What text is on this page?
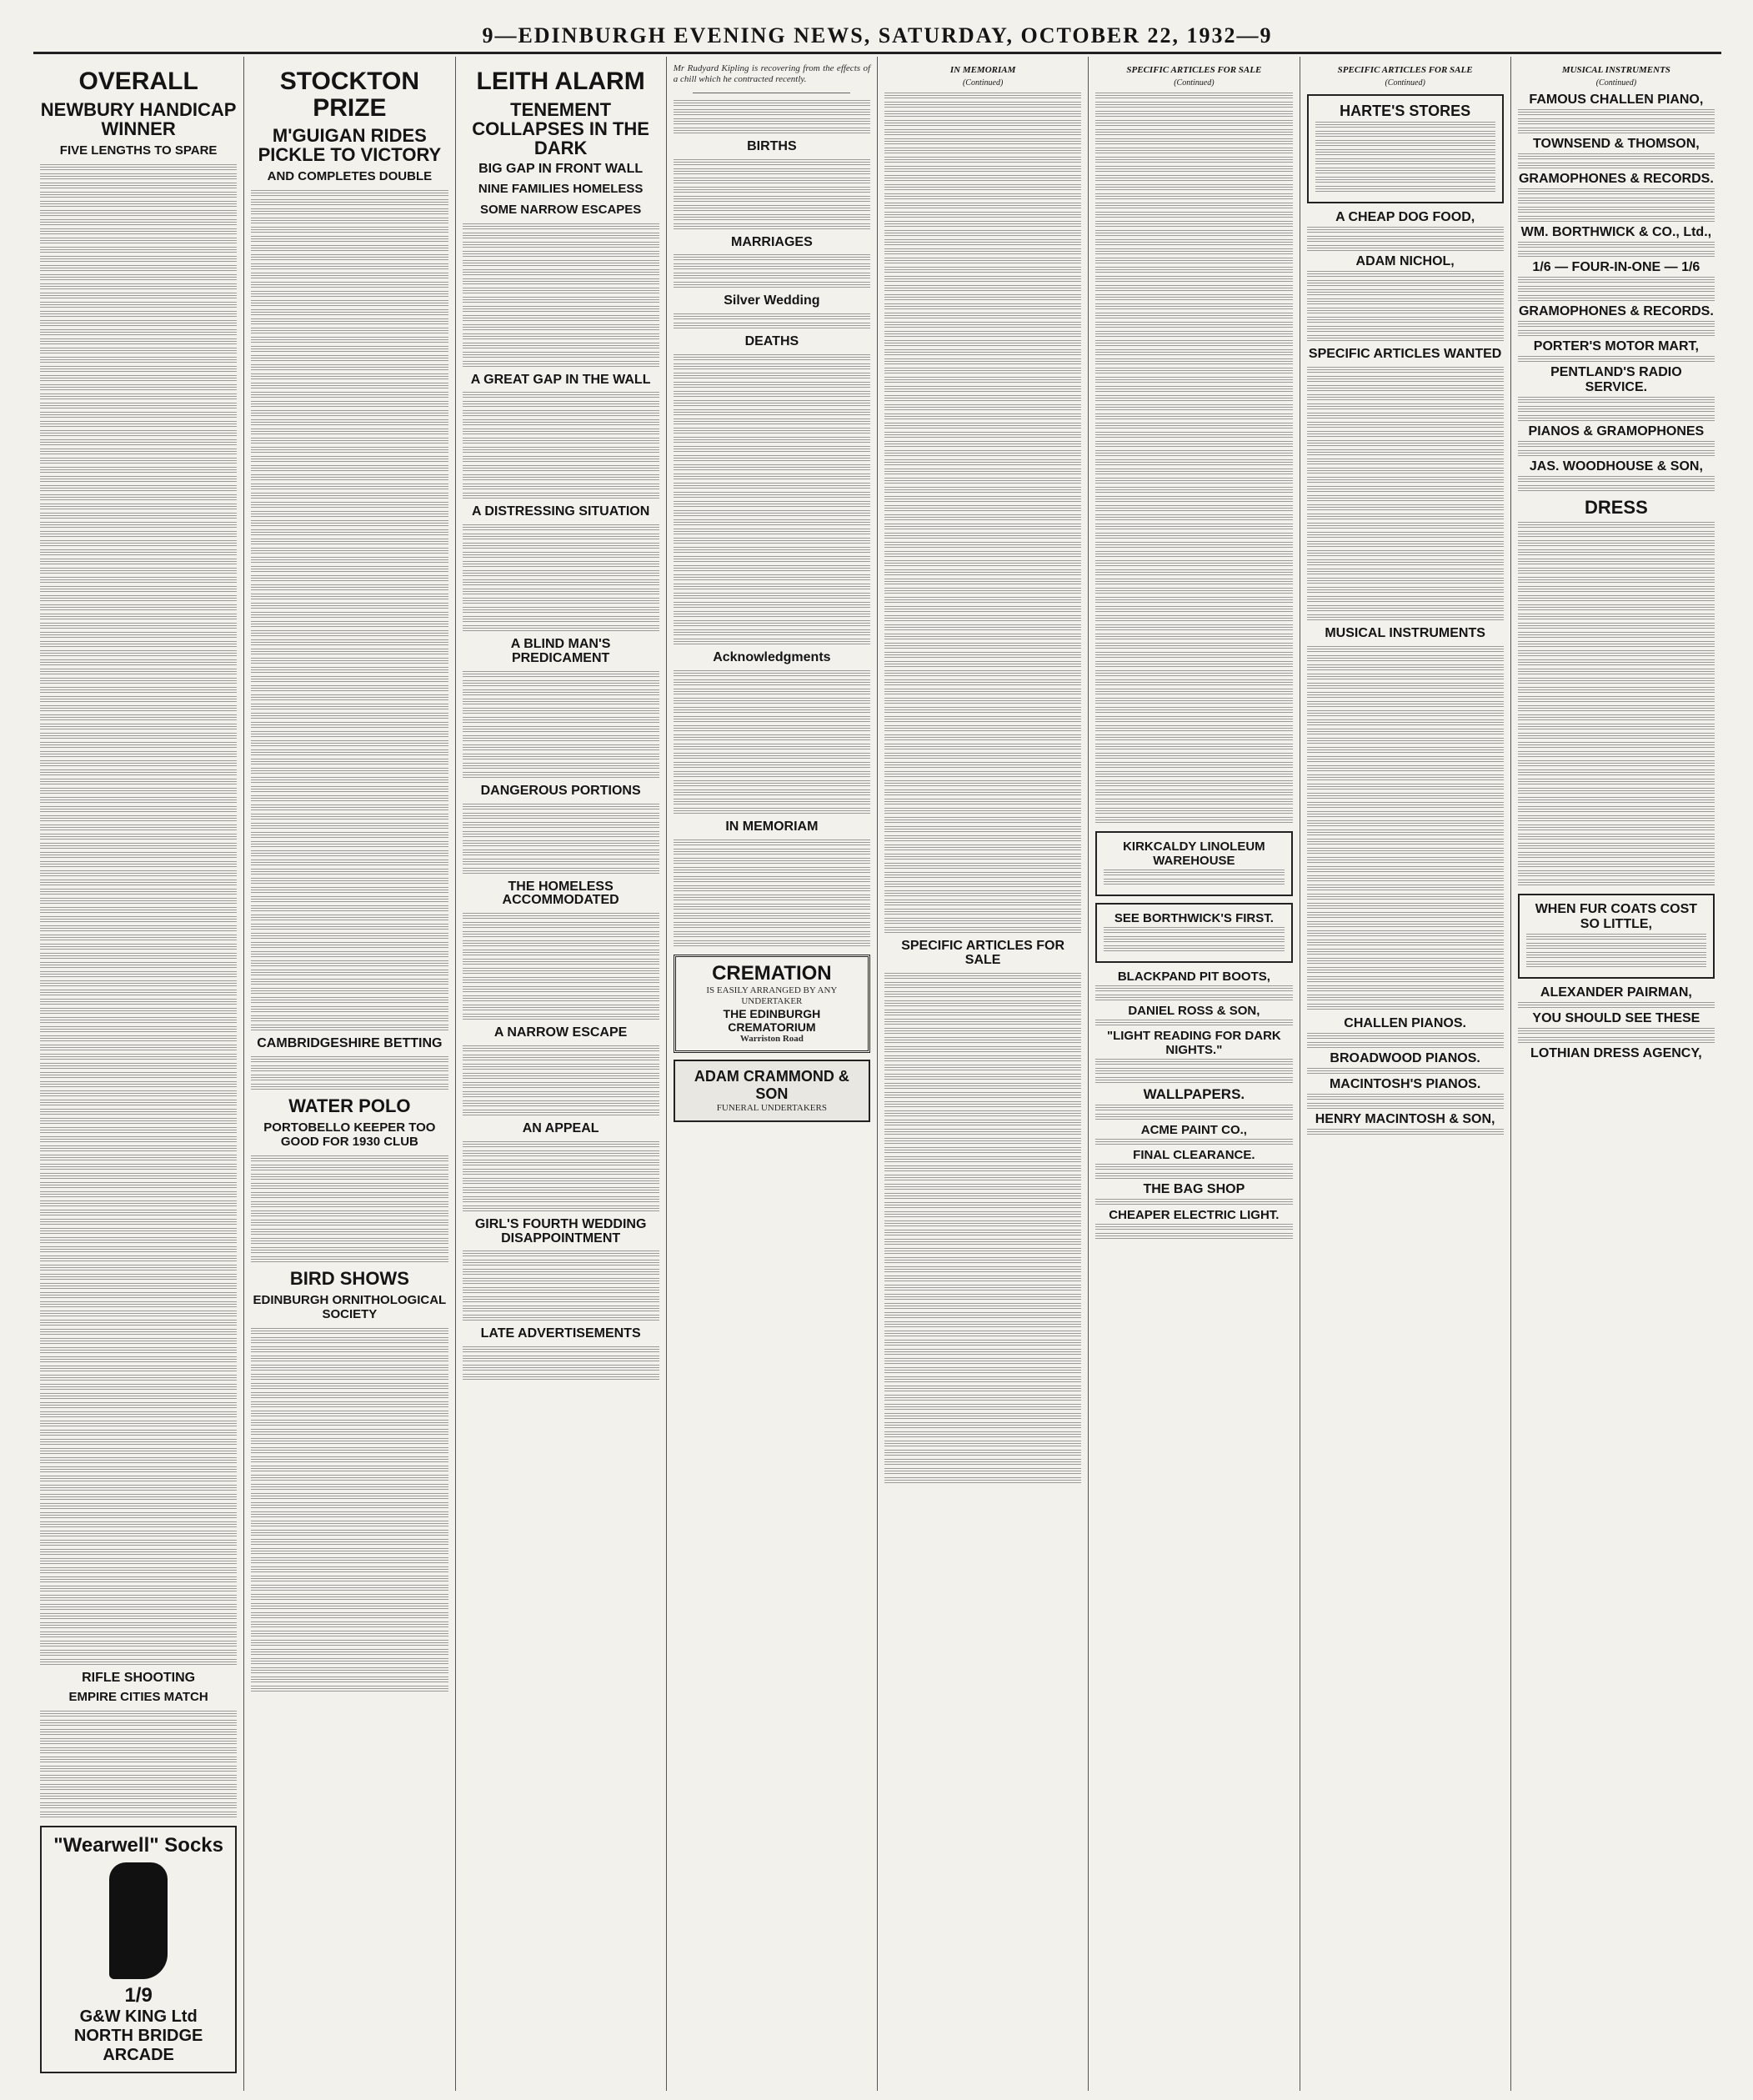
9—EDINBURGH EVENING NEWS, SATURDAY, OCTOBER 22, 1932—9
OVERALL
NEWBURY HANDICAP WINNER
FIVE LENGTHS TO SPARE
RIFLE SHOOTING
EMPIRE CITIES MATCH
"Wearwell" Socks
1/9
G&W KING Ltd
NORTH BRIDGE ARCADE
STOCKTON PRIZE
M'GUIGAN RIDES PICKLE TO VICTORY
AND COMPLETES DOUBLE
CAMBRIDGESHIRE BETTING
WATER POLO
PORTOBELLO KEEPER TOO GOOD FOR 1930 CLUB
BIRD SHOWS
EDINBURGH ORNITHOLOGICAL SOCIETY
LEITH ALARM
TENEMENT COLLAPSES IN THE DARK
BIG GAP IN FRONT WALL
NINE FAMILIES HOMELESS
SOME NARROW ESCAPES
A GREAT GAP IN THE WALL
A DISTRESSING SITUATION
A BLIND MAN'S PREDICAMENT
DANGEROUS PORTIONS
THE HOMELESS ACCOMMODATED
A NARROW ESCAPE
AN APPEAL
GIRL'S FOURTH WEDDING DISAPPOINTMENT
LATE ADVERTISEMENTS
Mr Rudyard Kipling is recovering from the effects of a chill which he contracted recently.
BIRTHS
MARRIAGES
Silver Wedding
DEATHS
Acknowledgments
IN MEMORIAM
CREMATION
IS EASILY ARRANGED BY ANY UNDERTAKER
THE EDINBURGH CREMATORIUM
Warriston Road
ADAM CRAMMOND & SON
FUNERAL UNDERTAKERS
IN MEMORIAM
(Continued)
SPECIFIC ARTICLES FOR SALE
SPECIFIC ARTICLES FOR SALE
(Continued)
KIRKCALDY LINOLEUM WAREHOUSE
SEE BORTHWICK'S FIRST.
BLACKPAND PIT BOOTS,
DANIEL ROSS & SON,
"LIGHT READING FOR DARK NIGHTS."
WALLPAPERS.
ACME PAINT CO.,
FINAL CLEARANCE.
THE BAG SHOP
CHEAPER ELECTRIC LIGHT.
SPECIFIC ARTICLES FOR SALE
(Continued)
HARTE'S STORES
A CHEAP DOG FOOD,
ADAM NICHOL,
SPECIFIC ARTICLES WANTED
MUSICAL INSTRUMENTS
CHALLEN PIANOS.
BROADWOOD PIANOS.
MACINTOSH'S PIANOS.
HENRY MACINTOSH & SON,
MUSICAL INSTRUMENTS
(Continued)
FAMOUS CHALLEN PIANO,
TOWNSEND & THOMSON,
GRAMOPHONES & RECORDS.
WM. BORTHWICK & CO., Ltd.,
1/6 — FOUR-IN-ONE — 1/6
GRAMOPHONES & RECORDS.
PORTER'S MOTOR MART,
PENTLAND'S RADIO SERVICE.
PIANOS & GRAMOPHONES
JAS. WOODHOUSE & SON,
DRESS
WHEN FUR COATS COST SO LITTLE,
ALEXANDER PAIRMAN,
YOU SHOULD SEE THESE
LOTHIAN DRESS AGENCY,
